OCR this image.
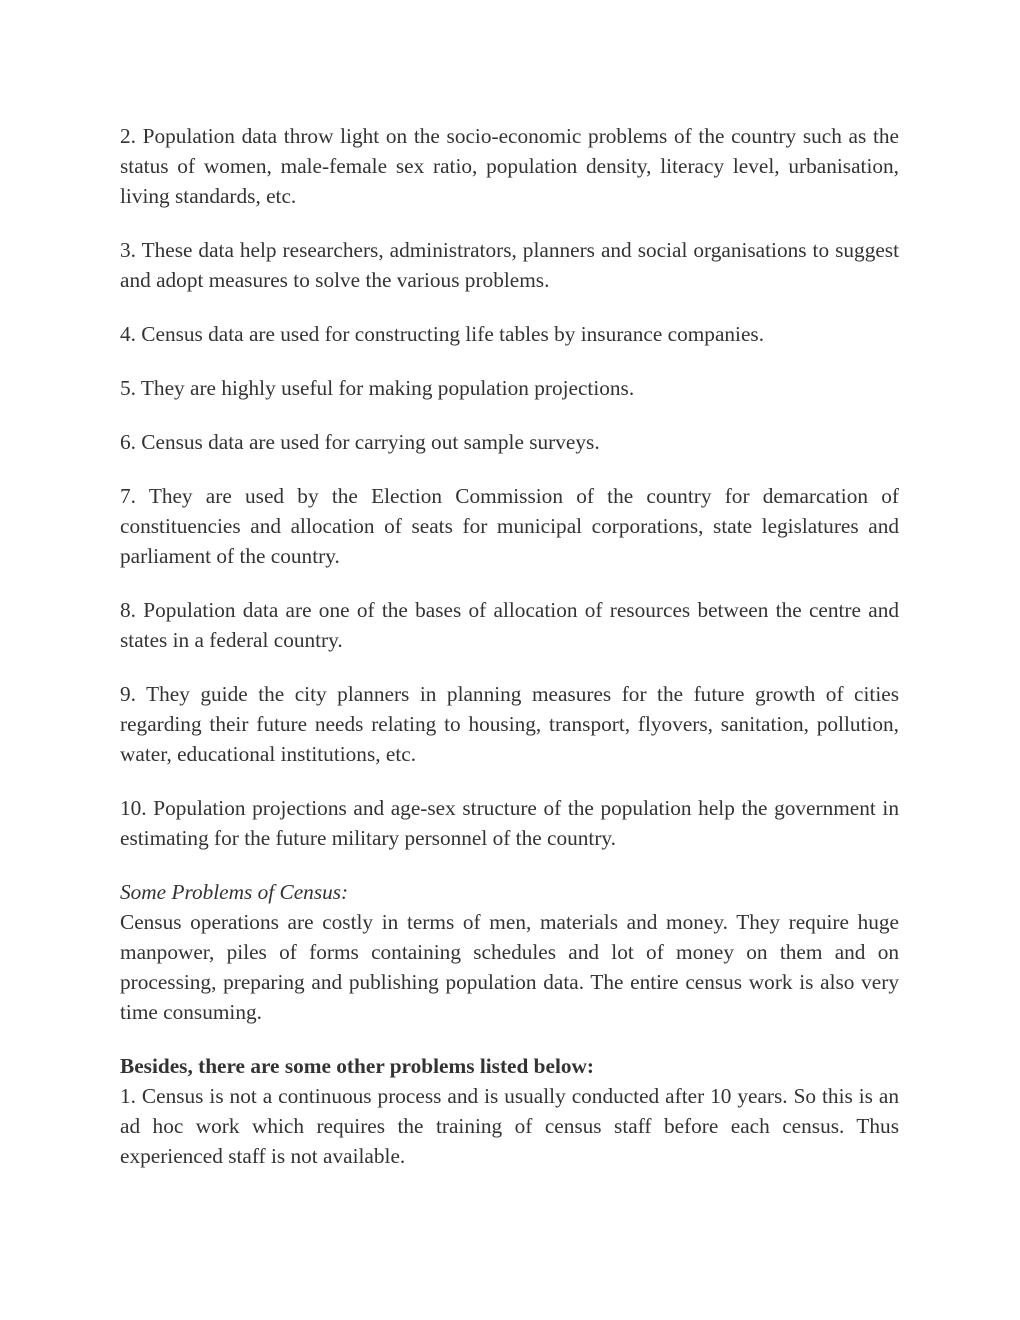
2. Population data throw light on the socio-economic problems of the country such as the status of women, male-female sex ratio, population density, literacy level, urbanisation, living standards, etc.

3. These data help researchers, administrators, planners and social organisations to suggest and adopt measures to solve the various problems.

4. Census data are used for constructing life tables by insurance companies.

5. They are highly useful for making population projections.

6. Census data are used for carrying out sample surveys.

7. They are used by the Election Commission of the country for demarcation of constituencies and allocation of seats for municipal corporations, state legislatures and parliament of the country.

8. Population data are one of the bases of allocation of resources between the centre and states in a federal country.

9. They guide the city planners in planning measures for the future growth of cities regarding their future needs relating to housing, transport, flyovers, sanitation, pollution, water, educational institutions, etc.

10. Population projections and age-sex structure of the population help the government in estimating for the future military personnel of the country.

Some Problems of Census:

Census operations are costly in terms of men, materials and money. They require huge manpower, piles of forms containing schedules and lot of money on them and on processing, preparing and publishing population data. The entire census work is also very time consuming.

Besides, there are some other problems listed below:

1. Census is not a continuous process and is usually conducted after 10 years. So this is an ad hoc work which requires the training of census staff before each census. Thus experienced staff is not available.
